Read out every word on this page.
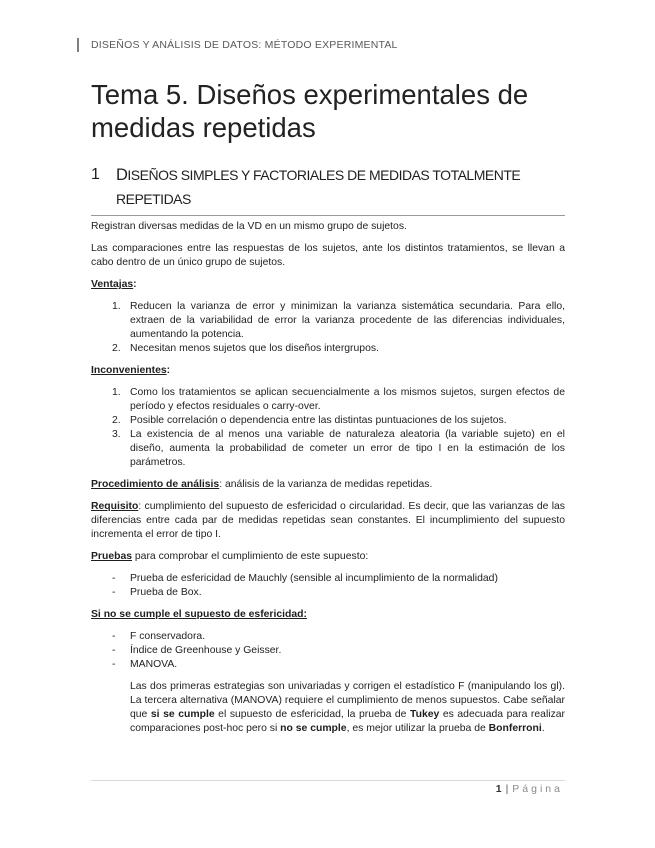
DISEÑOS Y ANÁLISIS DE DATOS: MÉTODO EXPERIMENTAL
Tema 5. Diseños experimentales de medidas repetidas
1 DISEÑOS SIMPLES Y FACTORIALES DE MEDIDAS TOTALMENTE
REPETIDAS

Registran diversas medidas de la VD en un mismo grupo de sujetos.

Las comparaciones entre las respuestas de los sujetos, ante los distintos tratamientos, se llevan a cabo dentro de un único grupo de sujetos.

Ventajas:

1. Reducen la varianza de error y minimizan la varianza sistemática secundaria. Para ello, extraen de la variabilidad de error la varianza procedente de las diferencias individuales, aumentando la potencia.
2. Necesitan menos sujetos que los diseños intergrupos.

Inconvenientes:

1. Como los tratamientos se aplican secuencialmente a los mismos sujetos, surgen efectos de período y efectos residuales o carry-over.
2. Posible correlación o dependencia entre las distintas puntuaciones de los sujetos.
3. La existencia de al menos una variable de naturaleza aleatoria (la variable sujeto) en el diseño, aumenta la probabilidad de cometer un error de tipo I en la estimación de los parámetros.

Procedimiento de análisis: análisis de la varianza de medidas repetidas.

Requisito: cumplimiento del supuesto de esfericidad o circularidad. Es decir, que las varianzas de las diferencias entre cada par de medidas repetidas sean constantes. El incumplimiento del supuesto incrementa el error de tipo I.

Pruebas para comprobar el cumplimiento de este supuesto:

- Prueba de esfericidad de Mauchly (sensible al incumplimiento de la normalidad)
- Prueba de Box.

Si no se cumple el supuesto de esfericidad:

- F conservadora.
- Índice de Greenhouse y Geisser.
- MANOVA.

Las dos primeras estrategias son univariadas y corrigen el estadístico F (manipulando los gl). La tercera alternativa (MANOVA) requiere el cumplimiento de menos supuestos. Cabe señalar que si se cumple el supuesto de esfericidad, la prueba de Tukey es adecuada para realizar comparaciones post-hoc pero si no se cumple, es mejor utilizar la prueba de Bonferroni.

1 | Página
